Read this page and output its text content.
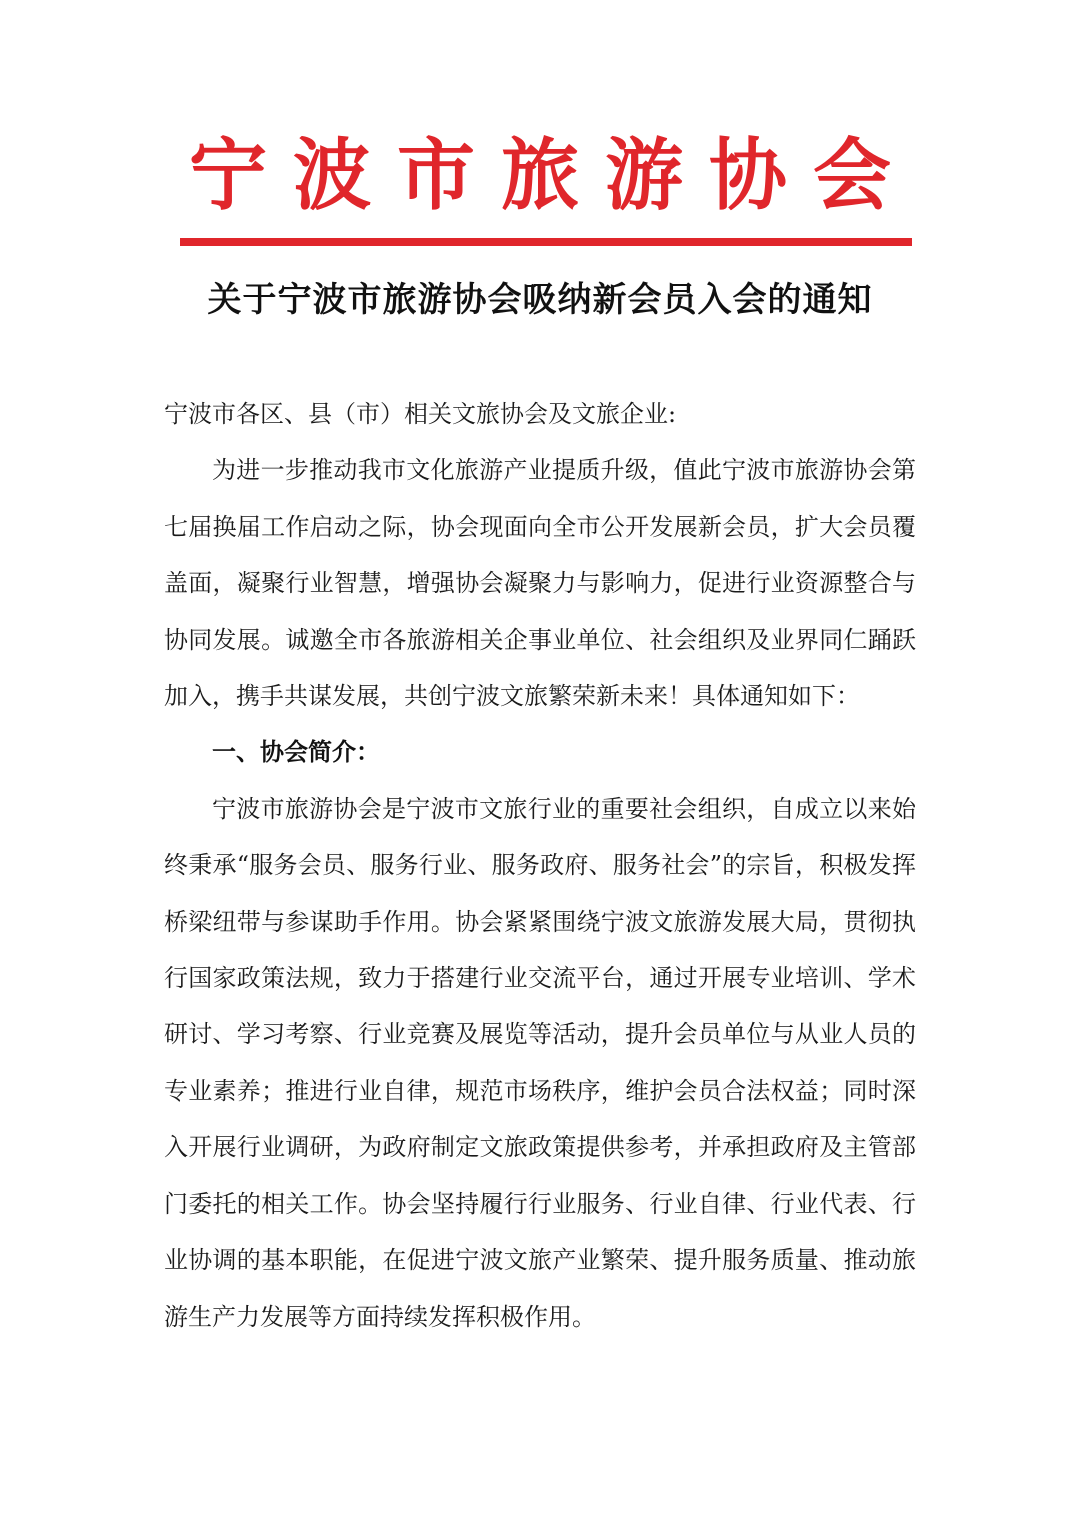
宁波市旅游协会
关于宁波市旅游协会吸纳新会员入会的通知

宁波市各区、县（市）相关文旅协会及文旅企业:

为进一步推动我市文化旅游产业提质升级，值此宁波市旅游协会第七届换届工作启动之际，协会现面向全市公开发展新会员，扩大会员覆盖面，凝聚行业智慧，增强协会凝聚力与影响力，促进行业资源整合与协同发展。诚邀全市各旅游相关企事业单位、社会组织及业界同仁踊跃加入，携手共谋发展，共创宁波文旅繁荣新未来！具体通知如下：

一、协会简介：

宁波市旅游协会是宁波市文旅行业的重要社会组织，自成立以来始终秉承“服务会员、服务行业、服务政府、服务社会”的宗旨，积极发挥桥梁纽带与参谋助手作用。协会紧紧围绕宁波文旅游发展大局，贯彻执行国家政策法规，致力于搭建行业交流平台，通过开展专业培训、学术研讨、学习考察、行业竞赛及展览等活动，提升会员单位与从业人员的专业素养；推进行业自律，规范市场秩序，维护会员合法权益；同时深入开展行业调研，为政府制定文旅政策提供参考，并承担政府及主管部门委托的相关工作。协会坚持履行行业服务、行业自律、行业代表、行业协调的基本职能，在促进宁波文旅产业繁荣、提升服务质量、推动旅游生产力发展等方面持续发挥积极作用。
